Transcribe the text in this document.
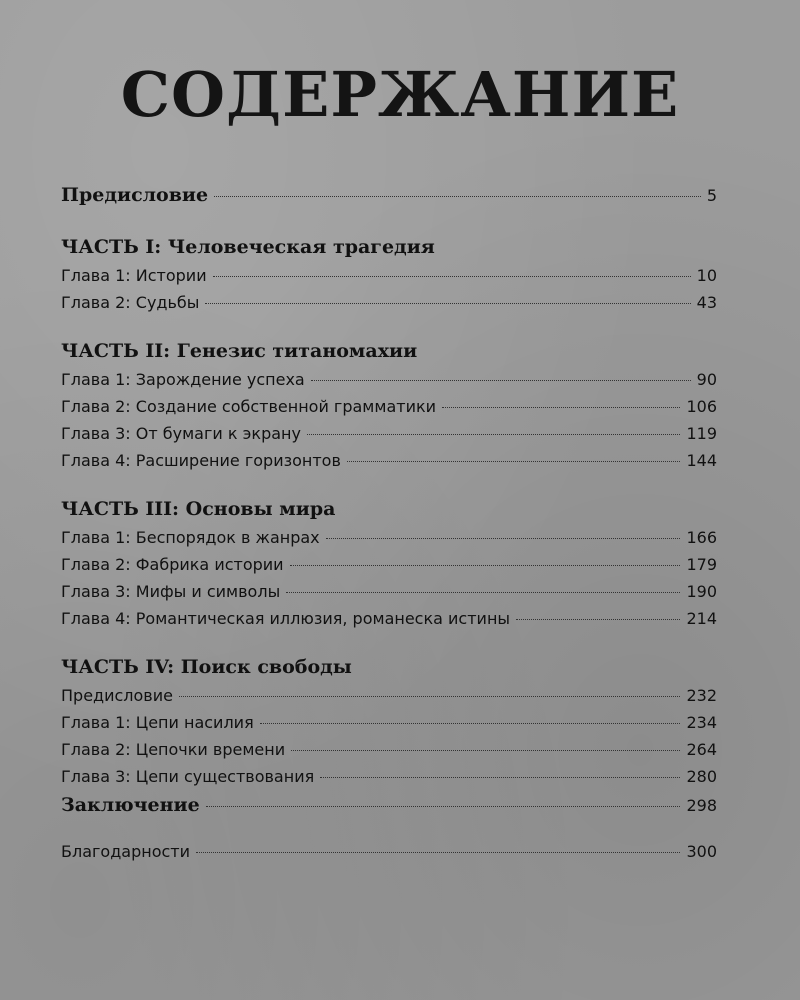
СОДЕРЖАНИЕ
Предисловие	5
ЧАСТЬ I: Человеческая трагедия
Глава 1: Истории	10
Глава 2: Судьбы	43
ЧАСТЬ II: Генезис титаномахии
Глава 1: Зарождение успеха	90
Глава 2: Создание собственной грамматики	106
Глава 3: От бумаги к экрану	119
Глава 4: Расширение горизонтов	144
ЧАСТЬ III: Основы мира
Глава 1: Беспорядок в жанрах	166
Глава 2: Фабрика истории	179
Глава 3: Мифы и символы	190
Глава 4: Романтическая иллюзия, романеска истины	214
ЧАСТЬ IV: Поиск свободы
Предисловие	232
Глава 1: Цепи насилия	234
Глава 2: Цепочки времени	264
Глава 3: Цепи существования	280
Заключение	298
Благодарности	300
